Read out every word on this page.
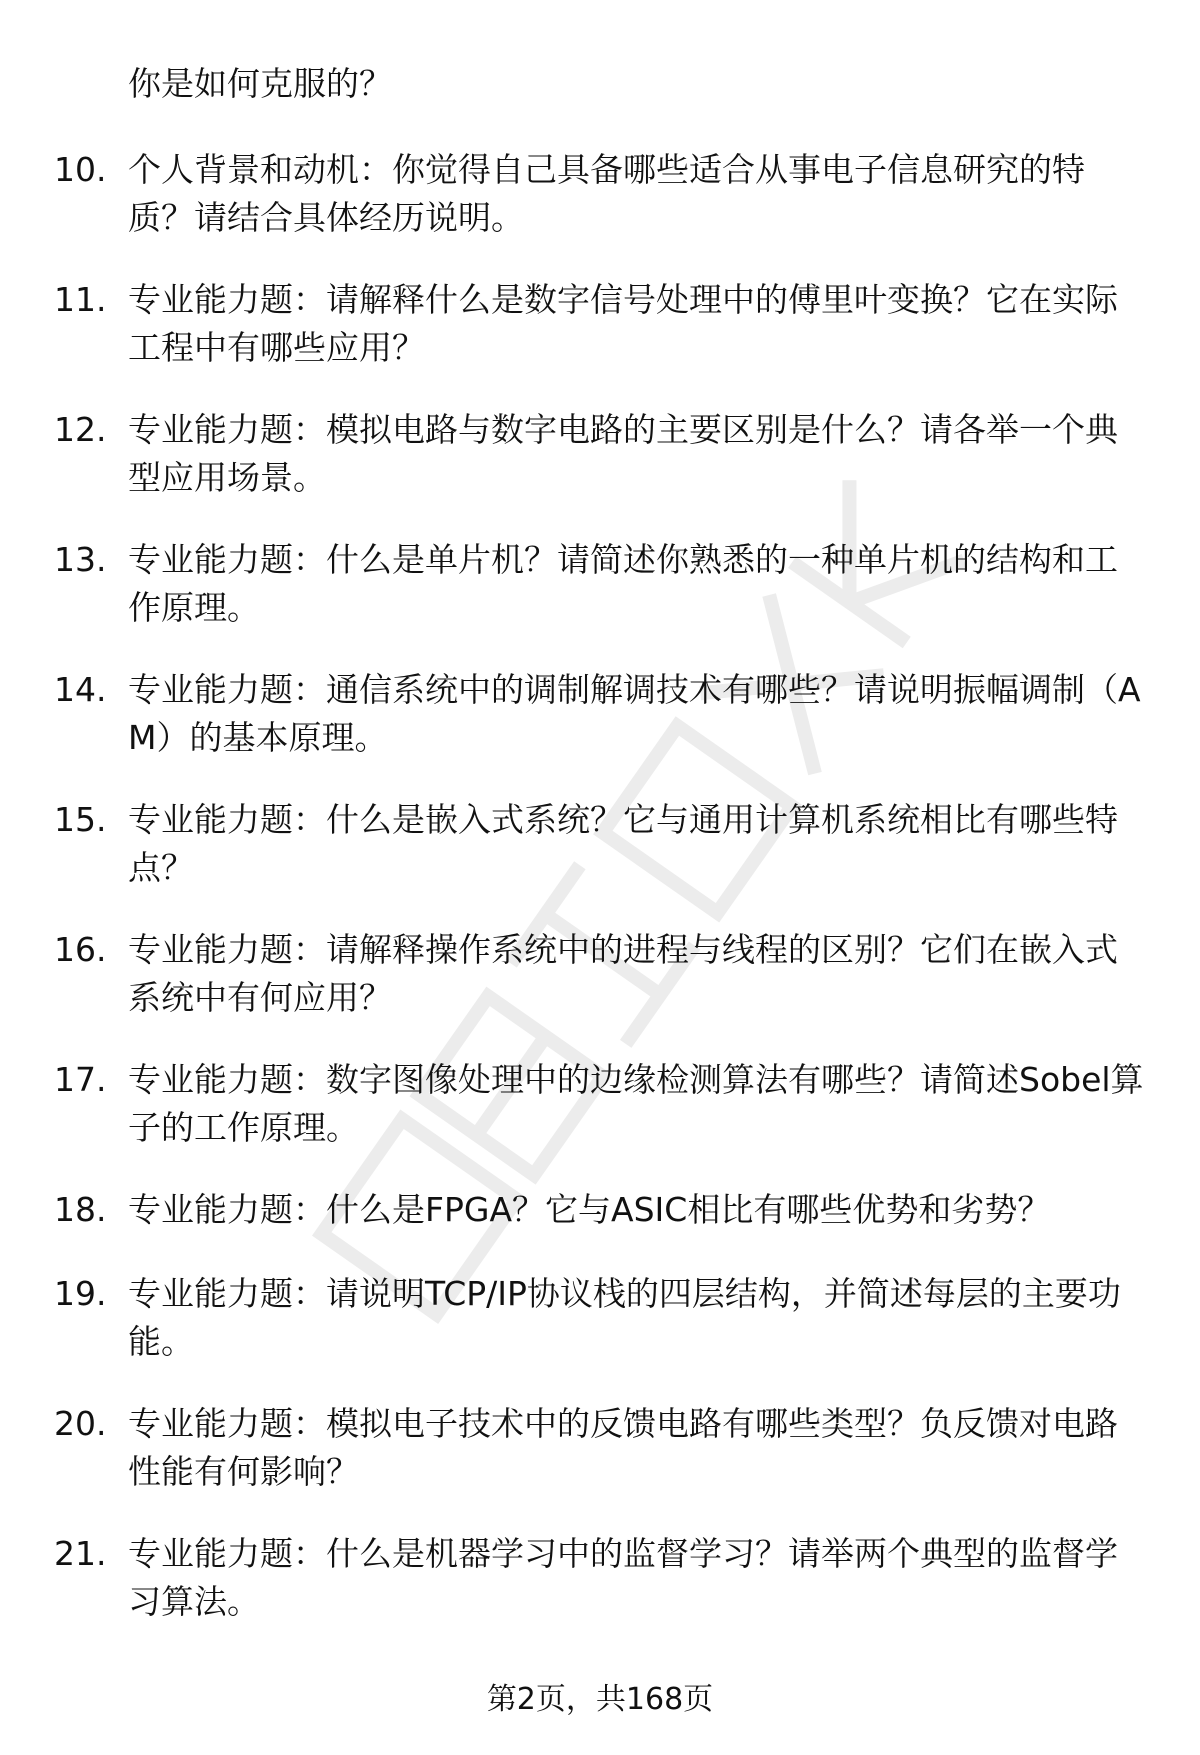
你是如何克服的？
10. 个人背景和动机：你觉得自己具备哪些适合从事电子信息研究的特质？请结合具体经历说明。
11. 专业能力题：请解释什么是数字信号处理中的傅里叶变换？它在实际工程中有哪些应用？
12. 专业能力题：模拟电路与数字电路的主要区别是什么？请各举一个典型应用场景。
13. 专业能力题：什么是单片机？请简述你熟悉的一种单片机的结构和工作原理。
14. 专业能力题：通信系统中的调制解调技术有哪些？请说明振幅调制（AM）的基本原理。
15. 专业能力题：什么是嵌入式系统？它与通用计算机系统相比有哪些特点？
16. 专业能力题：请解释操作系统中的进程与线程的区别？它们在嵌入式系统中有何应用？
17. 专业能力题：数字图像处理中的边缘检测算法有哪些？请简述Sobel算子的工作原理。
18. 专业能力题：什么是FPGA？它与ASIC相比有哪些优势和劣势？
19. 专业能力题：请说明TCP/IP协议栈的四层结构，并简述每层的主要功能。
20. 专业能力题：模拟电子技术中的反馈电路有哪些类型？负反馈对电路性能有何影响？
21. 专业能力题：什么是机器学习中的监督学习？请举两个典型的监督学习算法。
第2页，共168页
